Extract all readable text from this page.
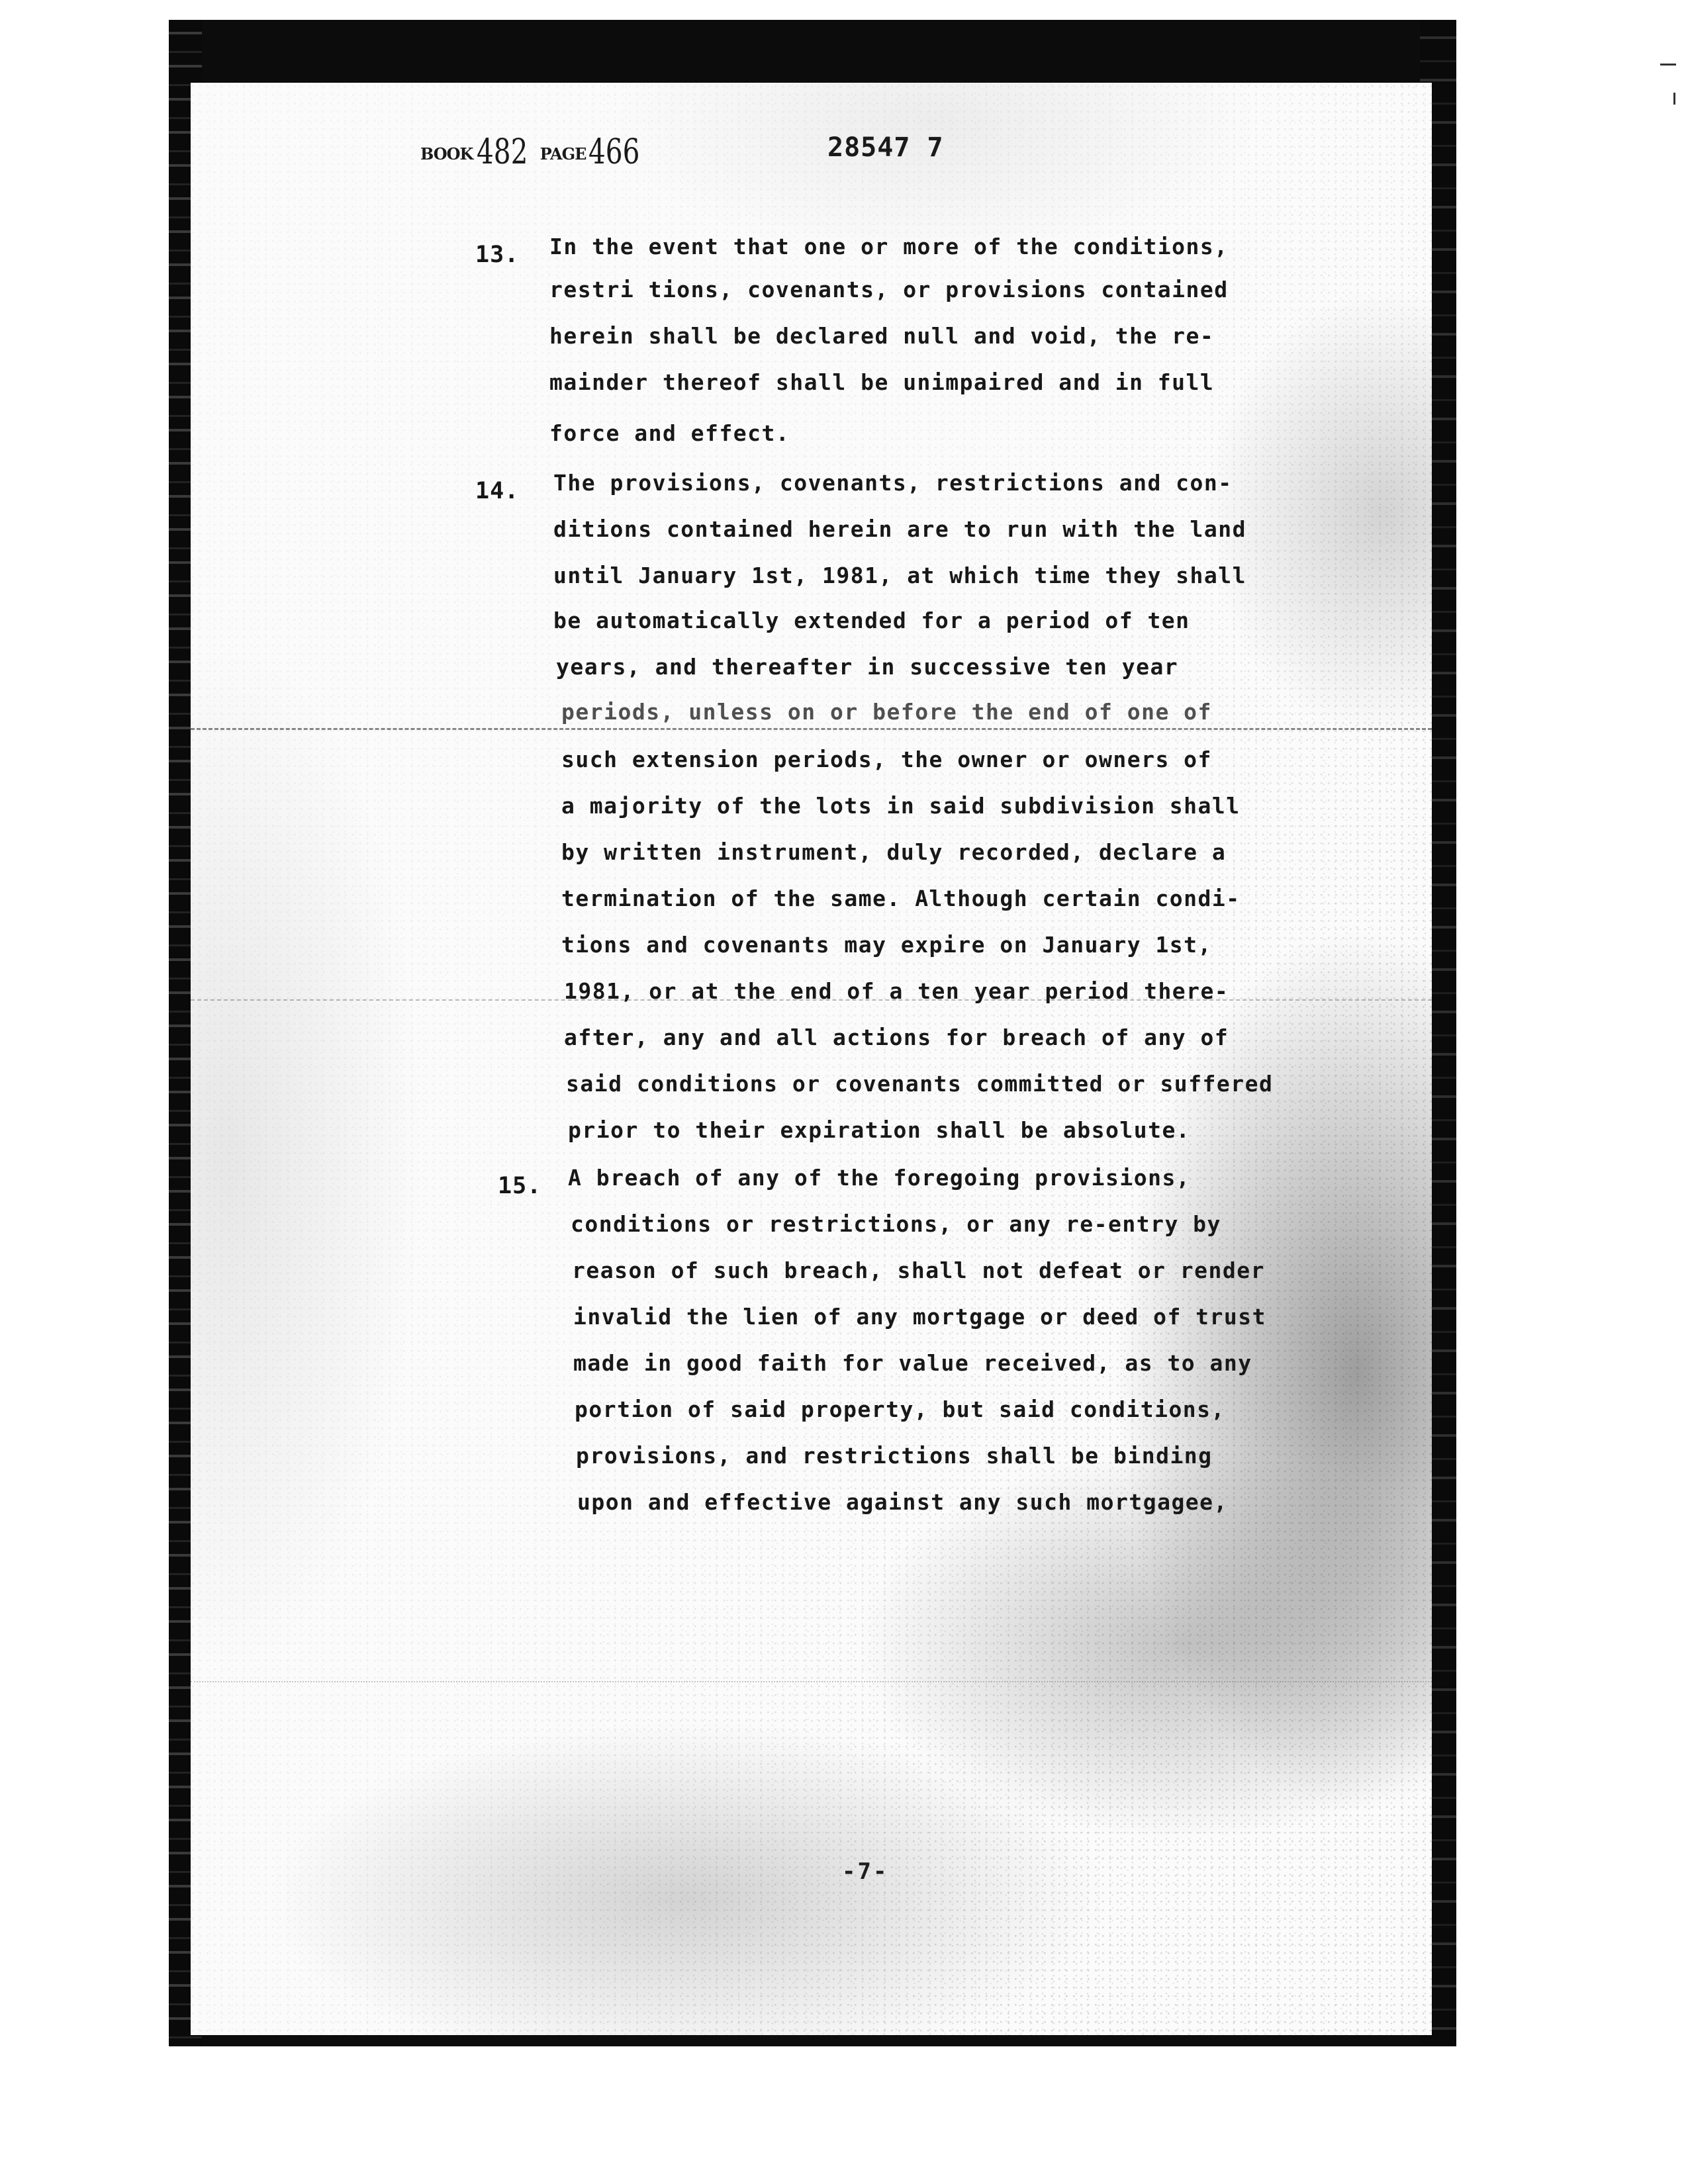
BOOK 482 PAGE466	28547 7
13. In the event that one or more of the conditions,
restri tions, covenants, or provisions contained
herein shall be declared null and void, the re-
mainder thereof shall be unimpaired and in full
force and effect.
14. The provisions, covenants, restrictions and con-
ditions contained herein are to run with the land
until January 1st, 1981, at which time they shall
be automatically extended for a period of ten
years, and thereafter in successive ten year
periods, unless on or before the end of one of
such extension periods, the owner or owners of
a majority of the lots in said subdivision shall
by written instrument, duly recorded, declare a
termination of the same. Although certain condi-
tions and covenants may expire on January 1st,
1981, or at the end of a ten year period there-
after, any and all actions for breach of any of
said conditions or covenants committed or suffered
prior to their expiration shall be absolute.
15. A breach of any of the foregoing provisions,
conditions or restrictions, or any re-entry by
reason of such breach, shall not defeat or render
invalid the lien of any mortgage or deed of trust
made in good faith for value received, as to any
portion of said property, but said conditions,
provisions, and restrictions shall be binding
upon and effective against any such mortgagee,
-7-
